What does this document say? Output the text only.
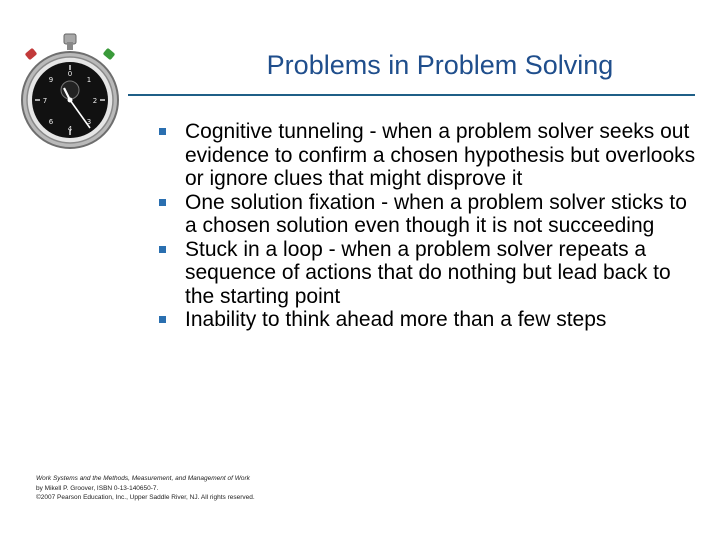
0
1
2
3
4
6
7
9	Problems in Problem Solving
Cognitive tunneling - when a problem solver seeks out evidence to confirm a chosen hypothesis but overlooks or ignore clues that might disprove it
One solution fixation - when a problem solver sticks to a chosen solution even though it is not succeeding
Stuck in a loop - when a problem solver repeats a sequence of actions that do nothing but lead back to the starting point
Inability to think ahead more than a few steps
Work Systems and the Methods, Measurement, and Management of Work
by Mikell P. Groover, ISBN 0-13-140650-7.
©2007 Pearson Education, Inc., Upper Saddle River, NJ. All rights reserved.
